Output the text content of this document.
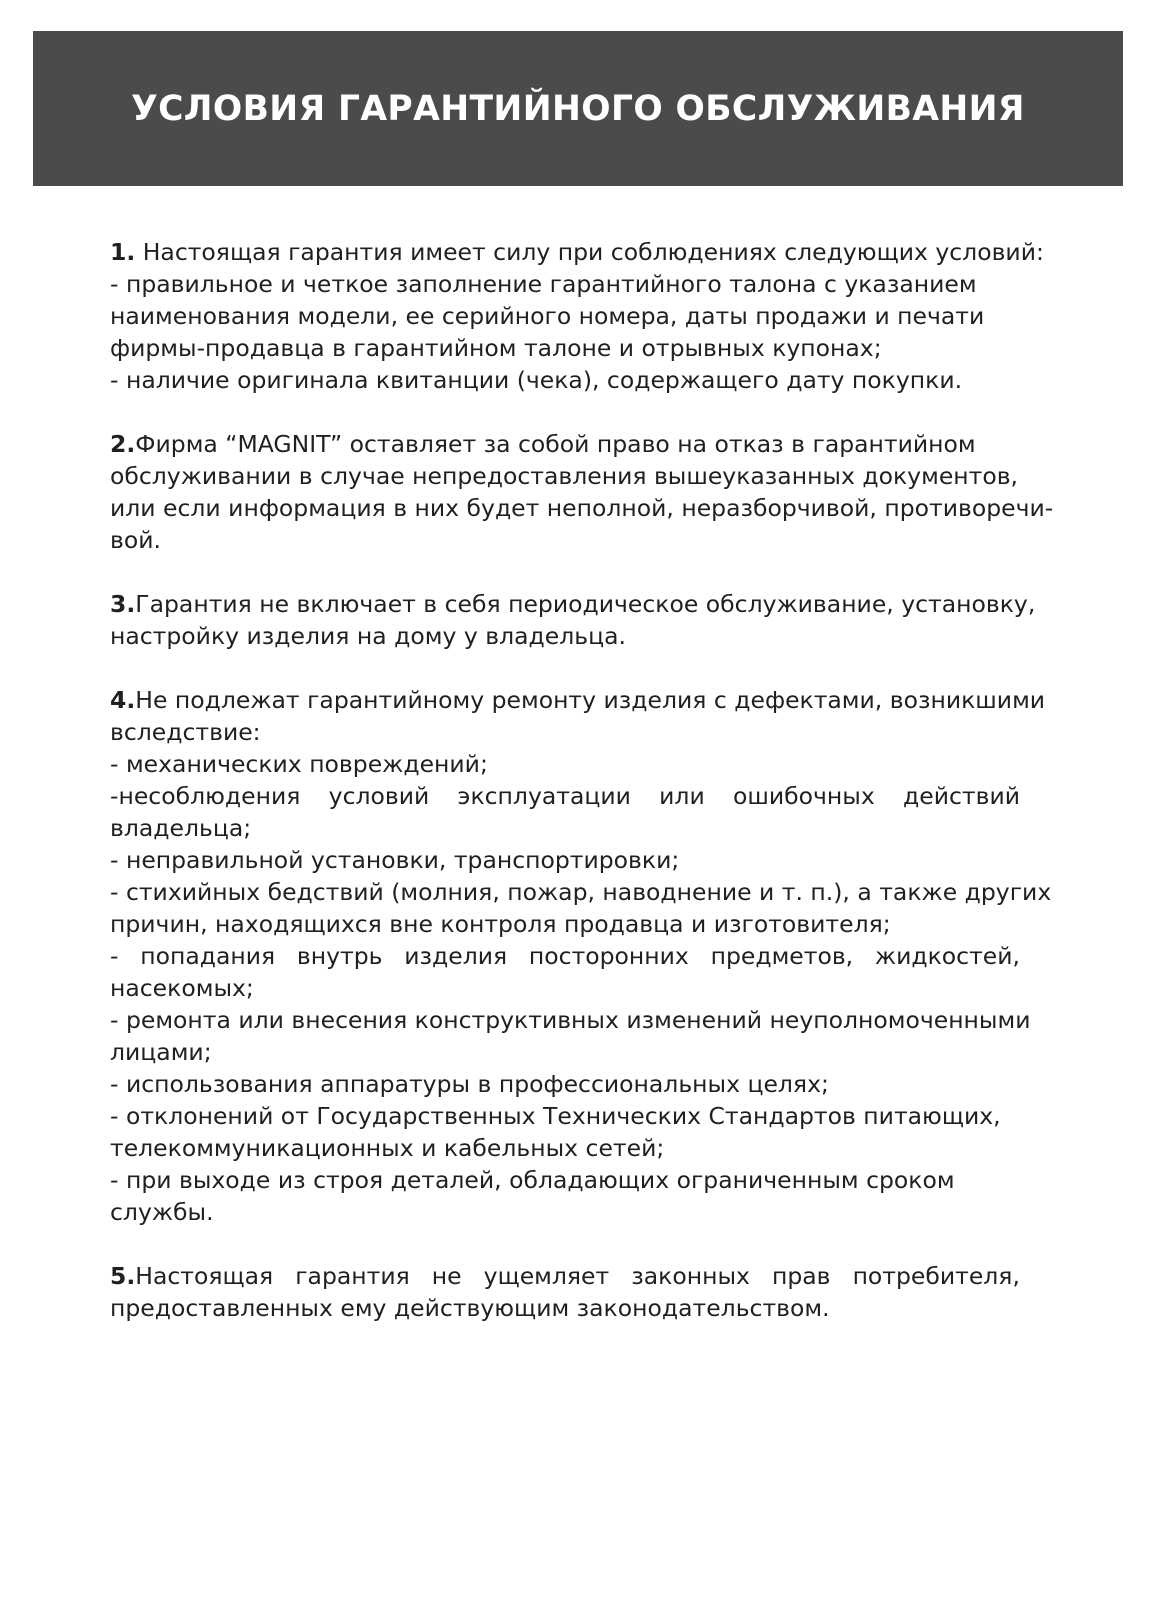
УСЛОВИЯ ГАРАНТИЙНОГО ОБСЛУЖИВАНИЯ
1. Настоящая гарантия имеет силу при соблюдениях следующих условий:
- правильное и четкое заполнение гарантийного талона с указанием
наименования модели, ее серийного номера, даты продажи и печати
фирмы-продавца в гарантийном талоне и отрывных купонах;
- наличие оригинала квитанции (чека), содержащего дату покупки.
2.Фирма “MAGNIT” оставляет за собой право на отказ в гарантийном
обслуживании в случае непредоставления вышеуказанных документов,
или если информация в них будет неполной, неразборчивой, противоречи-
вой.
3.Гарантия не включает в себя периодическое обслуживание, установку,
настройку изделия на дому у владельца.
4.Не подлежат гарантийному ремонту изделия с дефектами, возникшими
вследствие:
- механических повреждений;
-несоблюдения условий эксплуатации или ошибочных действий
владельца;
- неправильной установки, транспортировки;
- стихийных бедствий (молния, пожар, наводнение и т. п.), а также других
причин, находящихся вне контроля продавца и изготовителя;
- попадания внутрь изделия посторонних предметов, жидкостей,
насекомых;
- ремонта или внесения конструктивных изменений неуполномоченными
лицами;
- использования аппаратуры в профессиональных целях;
- отклонений от Государственных Технических Стандартов питающих,
телекоммуникационных и кабельных сетей;
- при выходе из строя деталей, обладающих ограниченным сроком
службы.
5.Настоящая гарантия не ущемляет законных прав потребителя,
предоставленных ему действующим законодательством.
